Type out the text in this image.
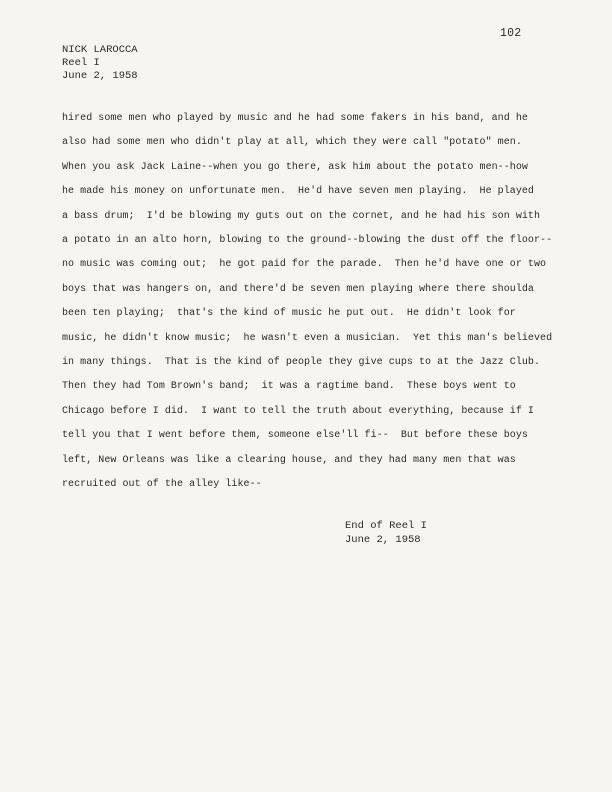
102
NICK LAROCCA
Reel I
June 2, 1958
hired some men who played by music and he had some fakers in his band, and he
also had some men who didn't play at all, which they were call "potato" men.
When you ask Jack Laine--when you go there, ask him about the potato men--how
he made his money on unfortunate men.  He'd have seven men playing.  He played
a bass drum;  I'd be blowing my guts out on the cornet, and he had his son with
a potato in an alto horn, blowing to the ground--blowing the dust off the floor--
no music was coming out;  he got paid for the parade.  Then he'd have one or two
boys that was hangers on, and there'd be seven men playing where there shoulda
been ten playing;  that's the kind of music he put out.  He didn't look for
music, he didn't know music;  he wasn't even a musician.  Yet this man's believed
in many things.  That is the kind of people they give cups to at the Jazz Club.
Then they had Tom Brown's band;  it was a ragtime band.  These boys went to
Chicago before I did.  I want to tell the truth about everything, because if I
tell you that I went before them, someone else'll fi--  But before these boys
left, New Orleans was like a clearing house, and they had many men that was
recruited out of the alley like--
End of Reel I
June 2, 1958
